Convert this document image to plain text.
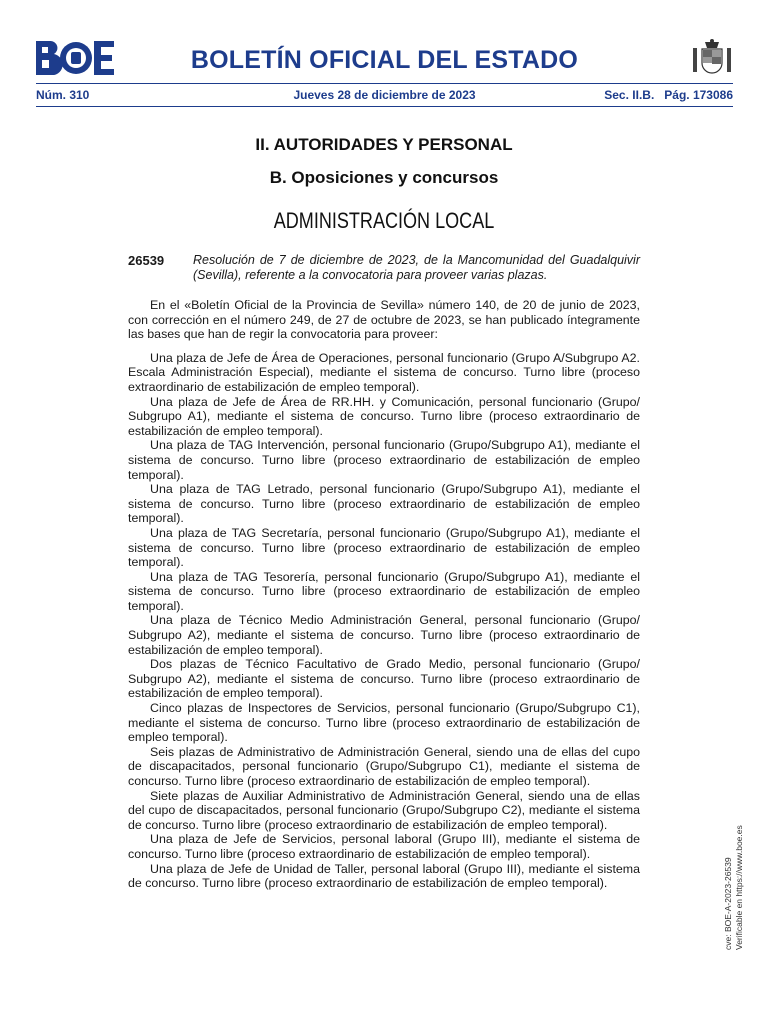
BOLETÍN OFICIAL DEL ESTADO
Núm. 310	Jueves 28 de diciembre de 2023	Sec. II.B.   Pág. 173086
II. AUTORIDADES Y PERSONAL
B. Oposiciones y concursos
ADMINISTRACIÓN LOCAL
26539 Resolución de 7 de diciembre de 2023, de la Mancomunidad del Guadalquivir (Sevilla), referente a la convocatoria para proveer varias plazas.

En el «Boletín Oficial de la Provincia de Sevilla» número 140, de 20 de junio de 2023, con corrección en el número 249, de 27 de octubre de 2023, se han publicado íntegramente las bases que han de regir la convocatoria para proveer:

Una plaza de Jefe de Área de Operaciones, personal funcionario (Grupo A/Subgrupo A2. Escala Administración Especial), mediante el sistema de concurso. Turno libre (proceso extraordinario de estabilización de empleo temporal).

Una plaza de Jefe de Área de RR.HH. y Comunicación, personal funcionario (Grupo/ Subgrupo A1), mediante el sistema de concurso. Turno libre (proceso extraordinario de estabilización de empleo temporal).

Una plaza de TAG Intervención, personal funcionario (Grupo/Subgrupo A1), mediante el sistema de concurso. Turno libre (proceso extraordinario de estabilización de empleo temporal).

Una plaza de TAG Letrado, personal funcionario (Grupo/Subgrupo A1), mediante el sistema de concurso. Turno libre (proceso extraordinario de estabilización de empleo temporal).

Una plaza de TAG Secretaría, personal funcionario (Grupo/Subgrupo A1), mediante el sistema de concurso. Turno libre (proceso extraordinario de estabilización de empleo temporal).

Una plaza de TAG Tesorería, personal funcionario (Grupo/Subgrupo A1), mediante el sistema de concurso. Turno libre (proceso extraordinario de estabilización de empleo temporal).

Una plaza de Técnico Medio Administración General, personal funcionario (Grupo/ Subgrupo A2), mediante el sistema de concurso. Turno libre (proceso extraordinario de estabilización de empleo temporal).

Dos plazas de Técnico Facultativo de Grado Medio, personal funcionario (Grupo/ Subgrupo A2), mediante el sistema de concurso. Turno libre (proceso extraordinario de estabilización de empleo temporal).

Cinco plazas de Inspectores de Servicios, personal funcionario (Grupo/Subgrupo C1), mediante el sistema de concurso. Turno libre (proceso extraordinario de estabilización de empleo temporal).

Seis plazas de Administrativo de Administración General, siendo una de ellas del cupo de discapacitados, personal funcionario (Grupo/Subgrupo C1), mediante el sistema de concurso. Turno libre (proceso extraordinario de estabilización de empleo temporal).

Siete plazas de Auxiliar Administrativo de Administración General, siendo una de ellas del cupo de discapacitados, personal funcionario (Grupo/Subgrupo C2), mediante el sistema de concurso. Turno libre (proceso extraordinario de estabilización de empleo temporal).

Una plaza de Jefe de Servicios, personal laboral (Grupo III), mediante el sistema de concurso. Turno libre (proceso extraordinario de estabilización de empleo temporal).

Una plaza de Jefe de Unidad de Taller, personal laboral (Grupo III), mediante el sistema de concurso. Turno libre (proceso extraordinario de estabilización de empleo temporal).	cve: BOE-A-2023-26539 Verificable en https://www.boe.es
